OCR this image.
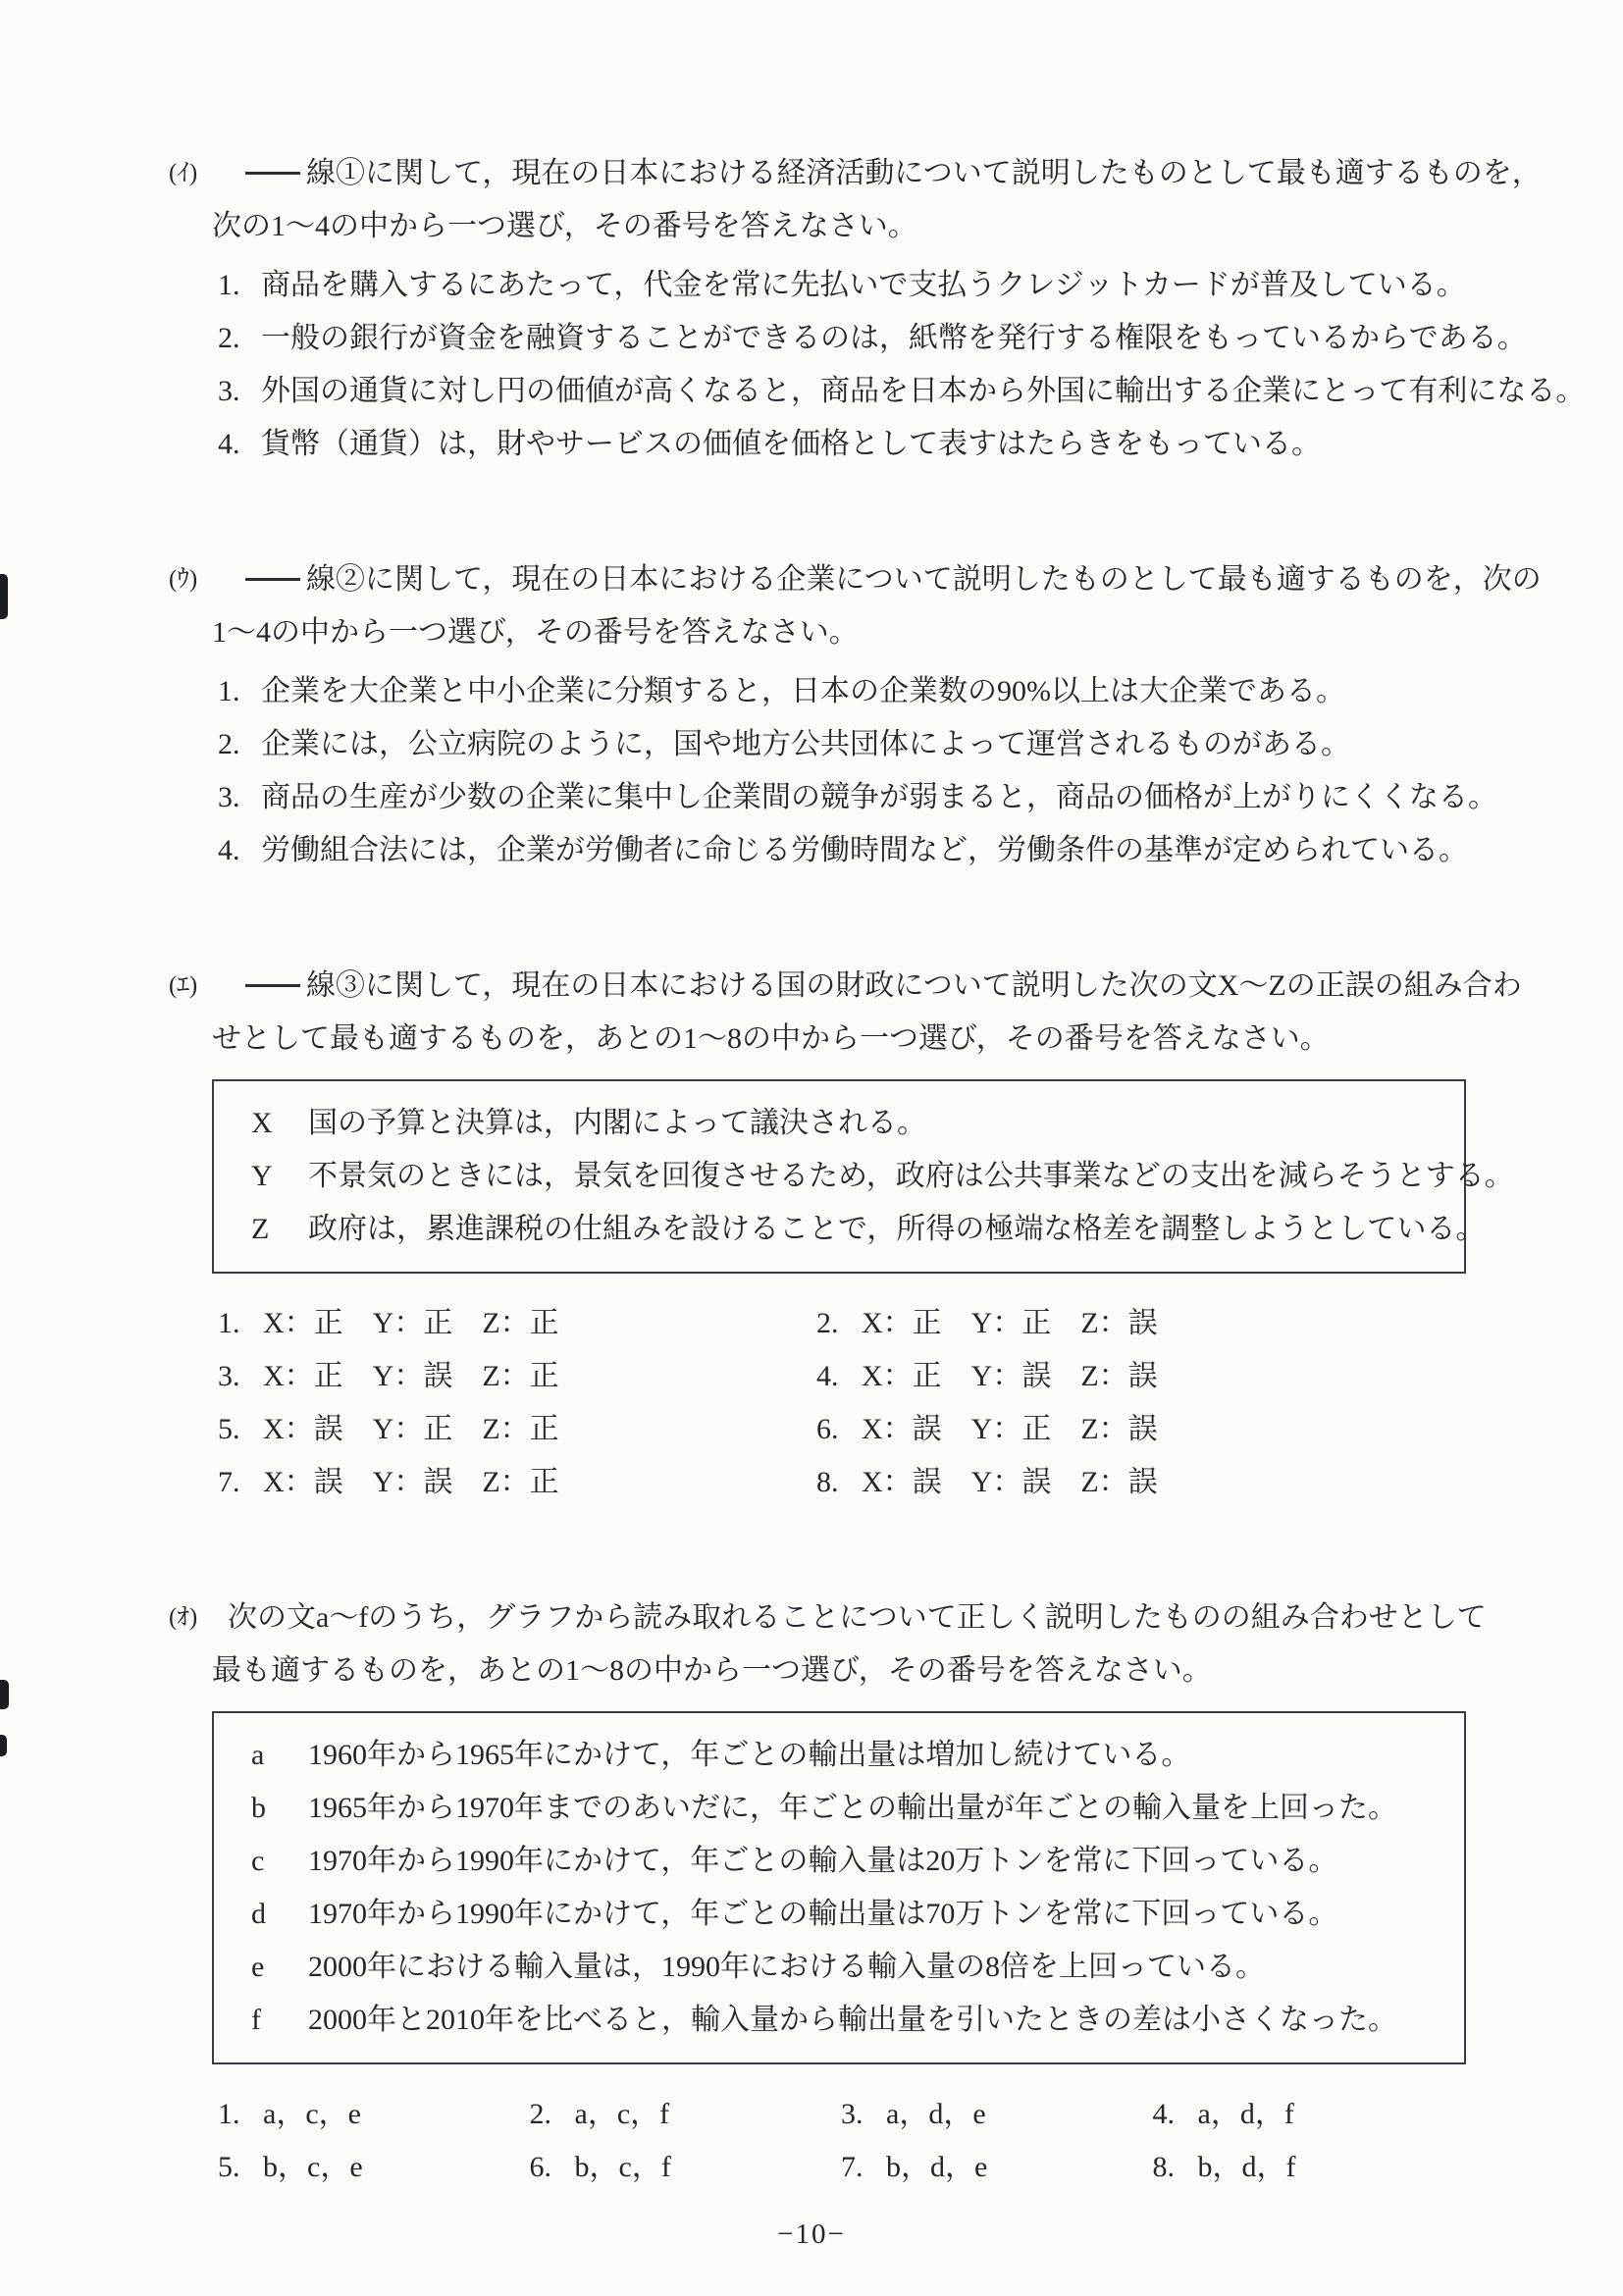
(ｲ)	線①に関して，現在の日本における経済活動について説明したものとして最も適するものを，
次の1～4の中から一つ選び，その番号を答えなさい。
1. 商品を購入するにあたって，代金を常に先払いで支払うクレジットカードが普及している。
2. 一般の銀行が資金を融資することができるのは，紙幣を発行する権限をもっているからである。
3. 外国の通貨に対し円の価値が高くなると，商品を日本から外国に輸出する企業にとって有利になる。
4. 貨幣（通貨）は，財やサービスの価値を価格として表すはたらきをもっている。
(ｳ)	線②に関して，現在の日本における企業について説明したものとして最も適するものを，次の
1～4の中から一つ選び，その番号を答えなさい。
1. 企業を大企業と中小企業に分類すると，日本の企業数の90%以上は大企業である。
2. 企業には，公立病院のように，国や地方公共団体によって運営されるものがある。
3. 商品の生産が少数の企業に集中し企業間の競争が弱まると，商品の価格が上がりにくくなる。
4. 労働組合法には，企業が労働者に命じる労働時間など，労働条件の基準が定められている。
(ｴ)	線③に関して，現在の日本における国の財政について説明した次の文X～Zの正誤の組み合わ
せとして最も適するものを，あとの1～8の中から一つ選び，その番号を答えなさい。
X 国の予算と決算は，内閣によって議決される。
Y 不景気のときには，景気を回復させるため，政府は公共事業などの支出を減らそうとする。
Z 政府は，累進課税の仕組みを設けることで，所得の極端な格差を調整しようとしている。
1. X：正　Y：正　Z：正	2. X：正　Y：正　Z：誤
3. X：正　Y：誤　Z：正	4. X：正　Y：誤　Z：誤
5. X：誤　Y：正　Z：正	6. X：誤　Y：正　Z：誤
7. X：誤　Y：誤　Z：正	8. X：誤　Y：誤　Z：誤
(ｵ) 次の文a～fのうち，グラフから読み取れることについて正しく説明したものの組み合わせとして
最も適するものを，あとの1～8の中から一つ選び，その番号を答えなさい。
a 1960年から1965年にかけて，年ごとの輸出量は増加し続けている。
b 1965年から1970年までのあいだに，年ごとの輸出量が年ごとの輸入量を上回った。
c 1970年から1990年にかけて，年ごとの輸入量は20万トンを常に下回っている。
d 1970年から1990年にかけて，年ごとの輸出量は70万トンを常に下回っている。
e 2000年における輸入量は，1990年における輸入量の8倍を上回っている。
f 2000年と2010年を比べると，輸入量から輸出量を引いたときの差は小さくなった。
1. a，c，e	2. a，c，f	3. a，d，e	4. a，d，f
5. b，c，e	6. b，c，f	7. b，d，e	8. b，d，f
−10−
